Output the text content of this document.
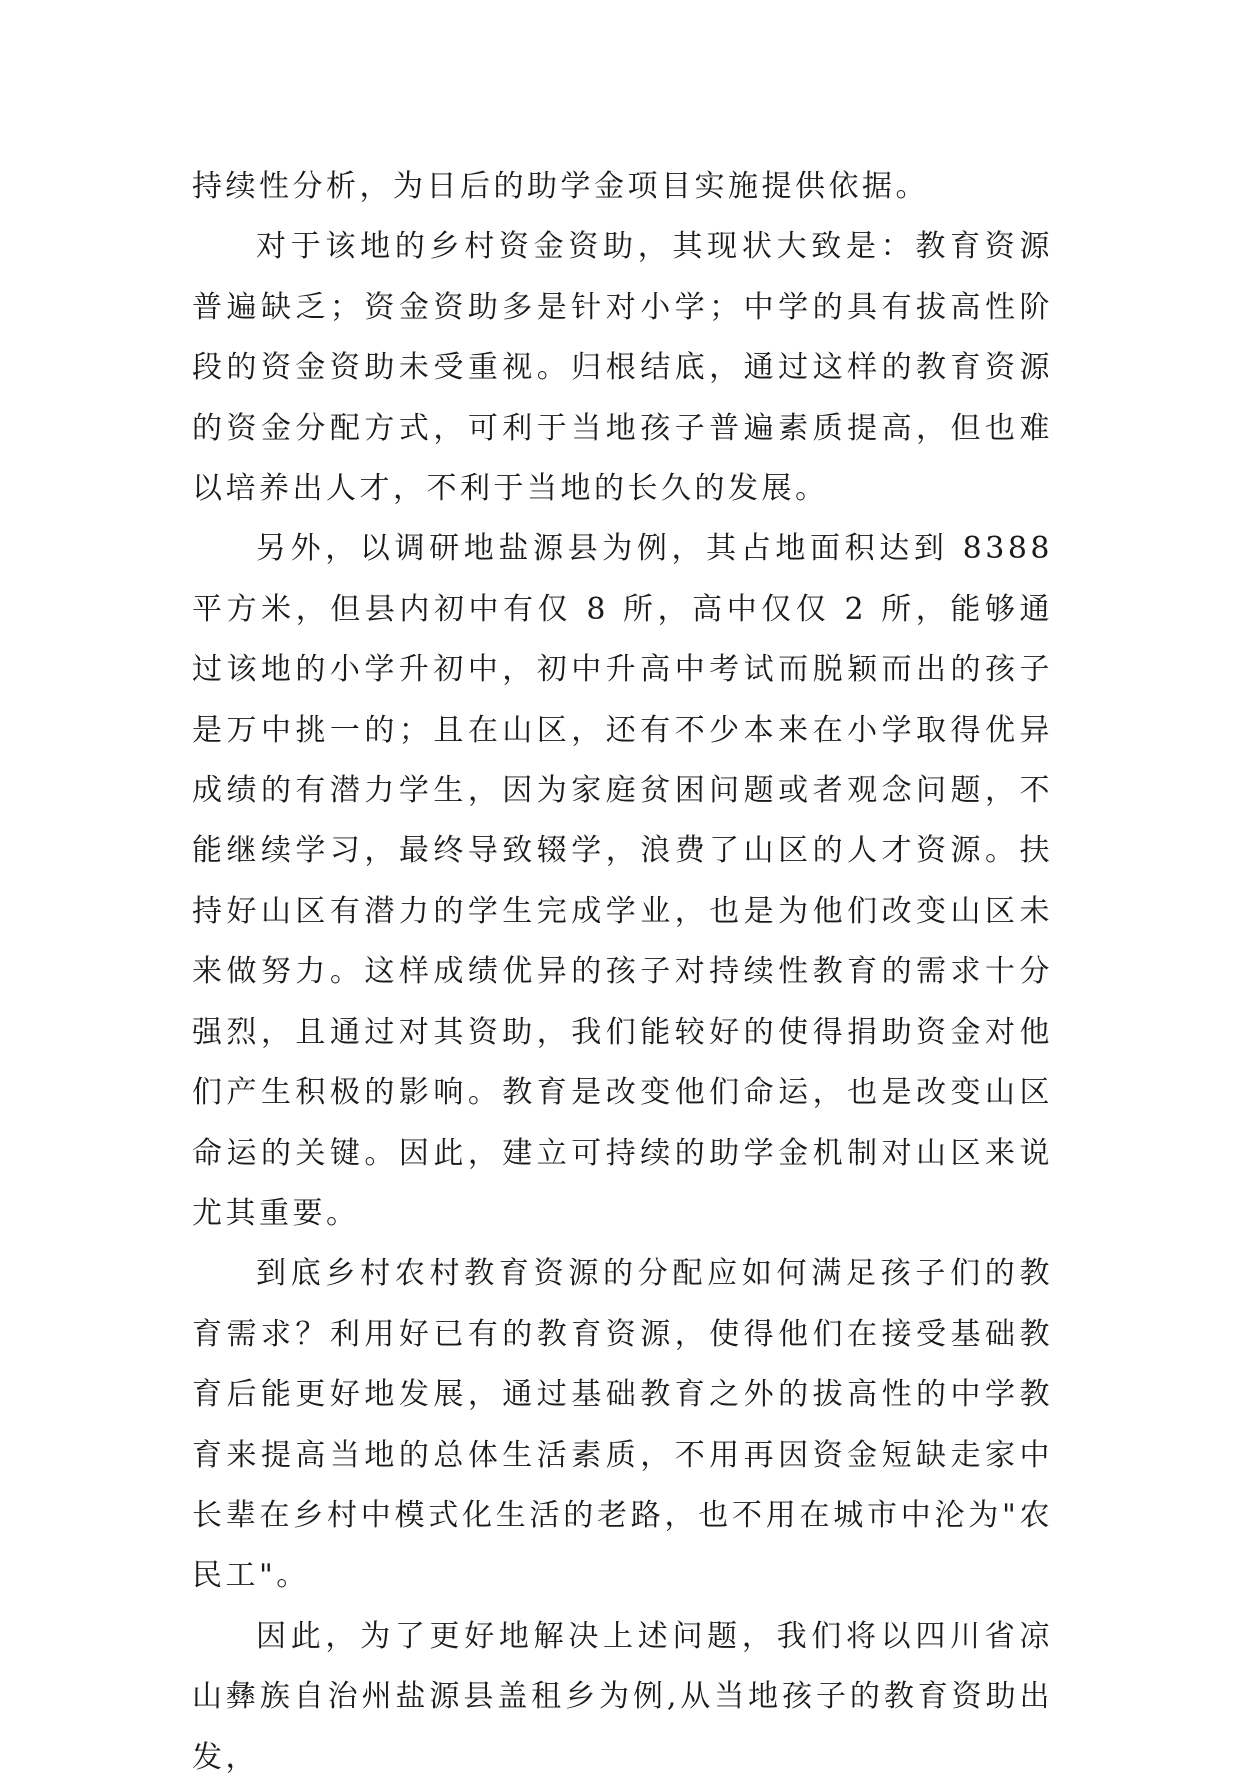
持续性分析，为日后的助学金项目实施提供依据。

对于该地的乡村资金资助，其现状大致是：教育资源普遍缺乏；资金资助多是针对小学；中学的具有拔高性阶段的资金资助未受重视。归根结底，通过这样的教育资源的资金分配方式，可利于当地孩子普遍素质提高，但也难以培养出人才，不利于当地的长久的发展。

另外，以调研地盐源县为例，其占地面积达到 8388 平方米，但县内初中有仅 8 所，高中仅仅 2 所，能够通过该地的小学升初中，初中升高中考试而脱颖而出的孩子是万中挑一的；且在山区，还有不少本来在小学取得优异成绩的有潜力学生，因为家庭贫困问题或者观念问题，不能继续学习，最终导致辍学，浪费了山区的人才资源。扶持好山区有潜力的学生完成学业，也是为他们改变山区未来做努力。这样成绩优异的孩子对持续性教育的需求十分强烈，且通过对其资助，我们能较好的使得捐助资金对他们产生积极的影响。教育是改变他们命运，也是改变山区命运的关键。因此，建立可持续的助学金机制对山区来说尤其重要。

到底乡村农村教育资源的分配应如何满足孩子们的教育需求？利用好已有的教育资源，使得他们在接受基础教育后能更好地发展，通过基础教育之外的拔高性的中学教育来提高当地的总体生活素质，不用再因资金短缺走家中长辈在乡村中模式化生活的老路，也不用在城市中沦为"农民工"。

因此，为了更好地解决上述问题，我们将以四川省凉山彝族自治州盐源县盖租乡为例,从当地孩子的教育资助出发，
